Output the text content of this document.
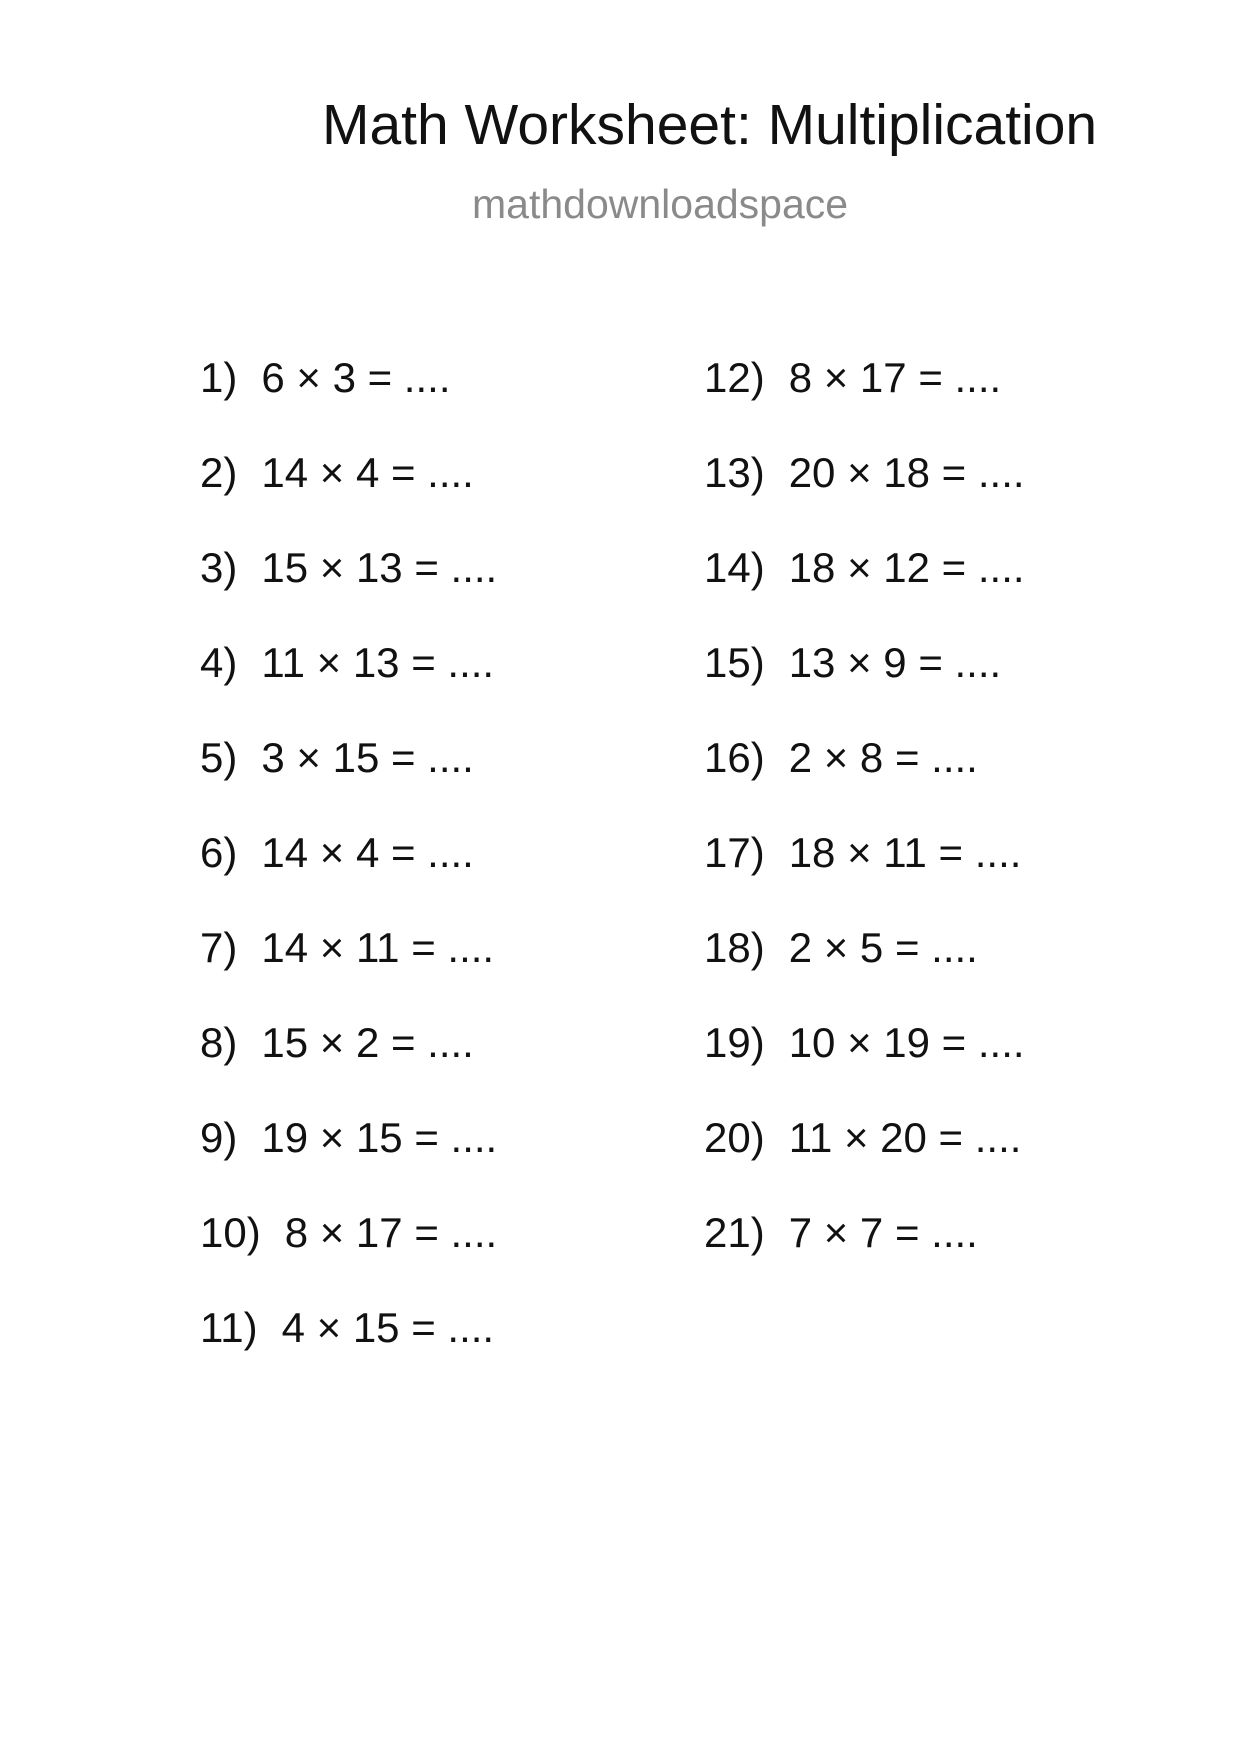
Math Worksheet: Multiplication
mathdownloadspace
1) 6 × 3 = ....
2) 14 × 4 = ....
3) 15 × 13 = ....
4) 11 × 13 = ....
5) 3 × 15 = ....
6) 14 × 4 = ....
7) 14 × 11 = ....
8) 15 × 2 = ....
9) 19 × 15 = ....
10) 8 × 17 = ....
11) 4 × 15 = ....
12) 8 × 17 = ....
13) 20 × 18 = ....
14) 18 × 12 = ....
15) 13 × 9 = ....
16) 2 × 8 = ....
17) 18 × 11 = ....
18) 2 × 5 = ....
19) 10 × 19 = ....
20) 11 × 20 = ....
21) 7 × 7 = ....
